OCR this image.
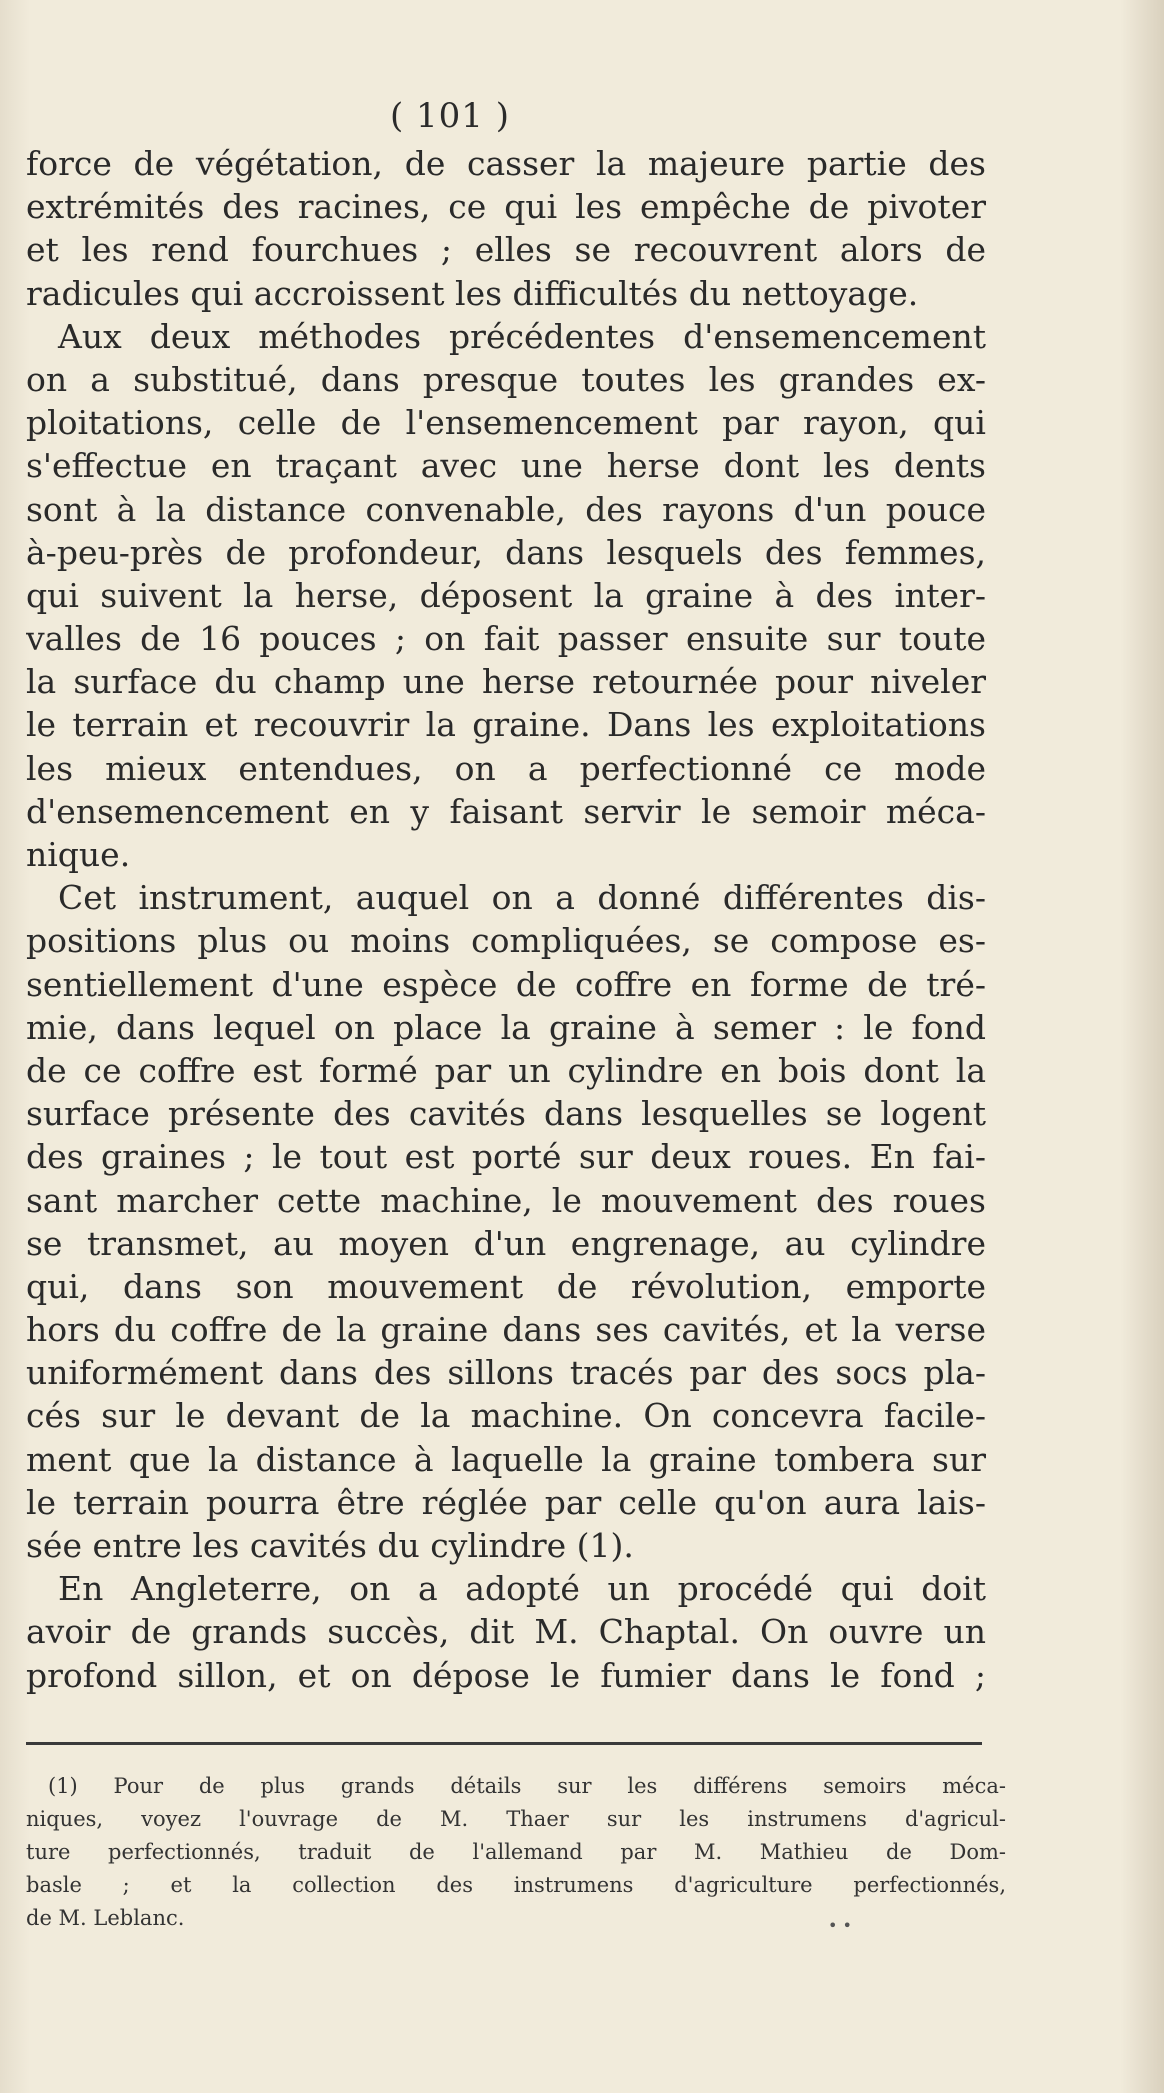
( 101 )
force de végétation, de casser la majeure partie des
extrémités des racines, ce qui les empêche de pivoter
et les rend fourchues ; elles se recouvrent alors de
radicules qui accroissent les difficultés du nettoyage.
Aux deux méthodes précédentes d'ensemencement
on a substitué, dans presque toutes les grandes ex-
ploitations, celle de l'ensemencement par rayon, qui
s'effectue en traçant avec une herse dont les dents
sont à la distance convenable, des rayons d'un pouce
à-peu-près de profondeur, dans lesquels des femmes,
qui suivent la herse, déposent la graine à des inter-
valles de 16 pouces ; on fait passer ensuite sur toute
la surface du champ une herse retournée pour niveler
le terrain et recouvrir la graine. Dans les exploitations
les mieux entendues, on a perfectionné ce mode
d'ensemencement en y faisant servir le semoir méca-
nique.
Cet instrument, auquel on a donné différentes dis-
positions plus ou moins compliquées, se compose es-
sentiellement d'une espèce de coffre en forme de tré-
mie, dans lequel on place la graine à semer : le fond
de ce coffre est formé par un cylindre en bois dont la
surface présente des cavités dans lesquelles se logent
des graines ; le tout est porté sur deux roues. En fai-
sant marcher cette machine, le mouvement des roues
se transmet, au moyen d'un engrenage, au cylindre
qui, dans son mouvement de révolution, emporte
hors du coffre de la graine dans ses cavités, et la verse
uniformément dans des sillons tracés par des socs pla-
cés sur le devant de la machine. On concevra facile-
ment que la distance à laquelle la graine tombera sur
le terrain pourra être réglée par celle qu'on aura lais-
sée entre les cavités du cylindre (1).
En Angleterre, on a adopté un procédé qui doit
avoir de grands succès, dit M. Chaptal. On ouvre un
profond sillon, et on dépose le fumier dans le fond ;
(1) Pour de plus grands détails sur les différens semoirs méca-
niques, voyez l'ouvrage de M. Thaer sur les instrumens d'agricul-
ture perfectionnés, traduit de l'allemand par M. Mathieu de Dom-
basle ; et la collection des instrumens d'agriculture perfectionnés,
de M. Leblanc.	• •
